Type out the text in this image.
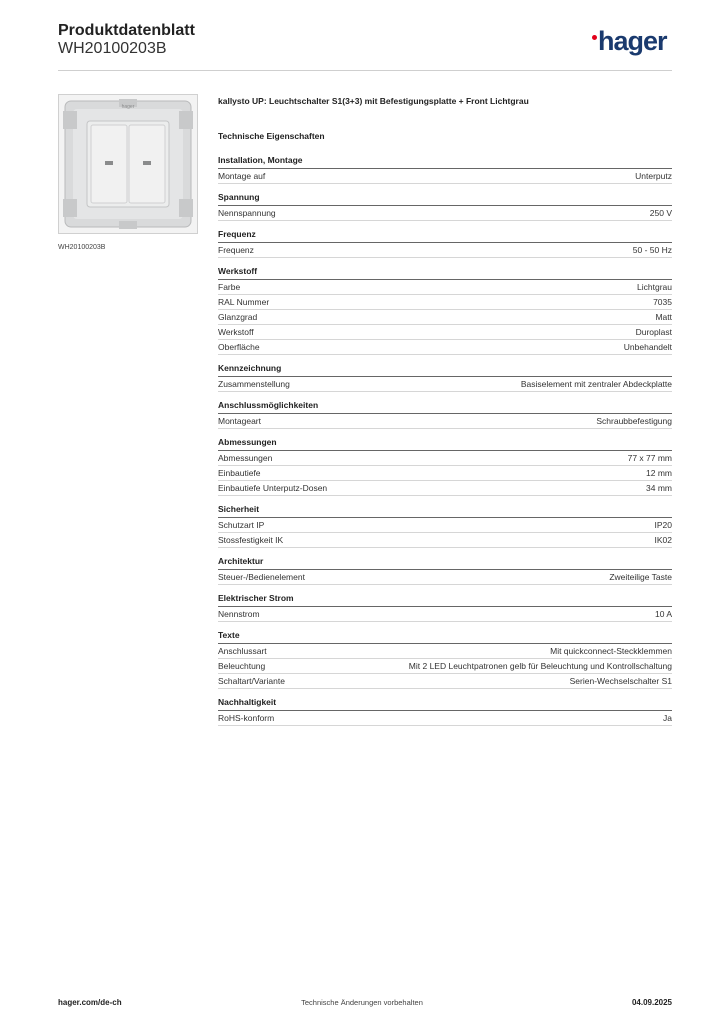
Produktdatenblatt
WH20100203B	hager
hager
WH20100203B
kallysto UP: Leuchtschalter S1(3+3) mit Befestigungsplatte + Front Lichtgrau
Technische Eigenschaften
Installation, Montage
Montage auf	Unterputz
Spannung
Nennspannung	250 V
Frequenz
Frequenz	50 - 50 Hz
Werkstoff
Farbe	Lichtgrau
RAL Nummer	7035
Glanzgrad	Matt
Werkstoff	Duroplast
Oberfläche	Unbehandelt
Kennzeichnung
Zusammenstellung	Basiselement mit zentraler Abdeckplatte
Anschlussmöglichkeiten
Montageart	Schraubbefestigung
Abmessungen
Abmessungen	77 x 77 mm
Einbautiefe	12 mm
Einbautiefe Unterputz-Dosen	34 mm
Sicherheit
Schutzart IP	IP20
Stossfestigkeit IK	IK02
Architektur
Steuer-/Bedienelement	Zweiteilige Taste
Elektrischer Strom
Nennstrom	10 A
Texte
Anschlussart	Mit quickconnect-Steckklemmen
Beleuchtung	Mit 2 LED Leuchtpatronen gelb für Beleuchtung und Kontrollschaltung
Schaltart/Variante	Serien-Wechselschalter S1
Nachhaltigkeit
RoHS-konform	Ja
hager.com/de-ch	Technische Änderungen vorbehalten	04.09.2025
